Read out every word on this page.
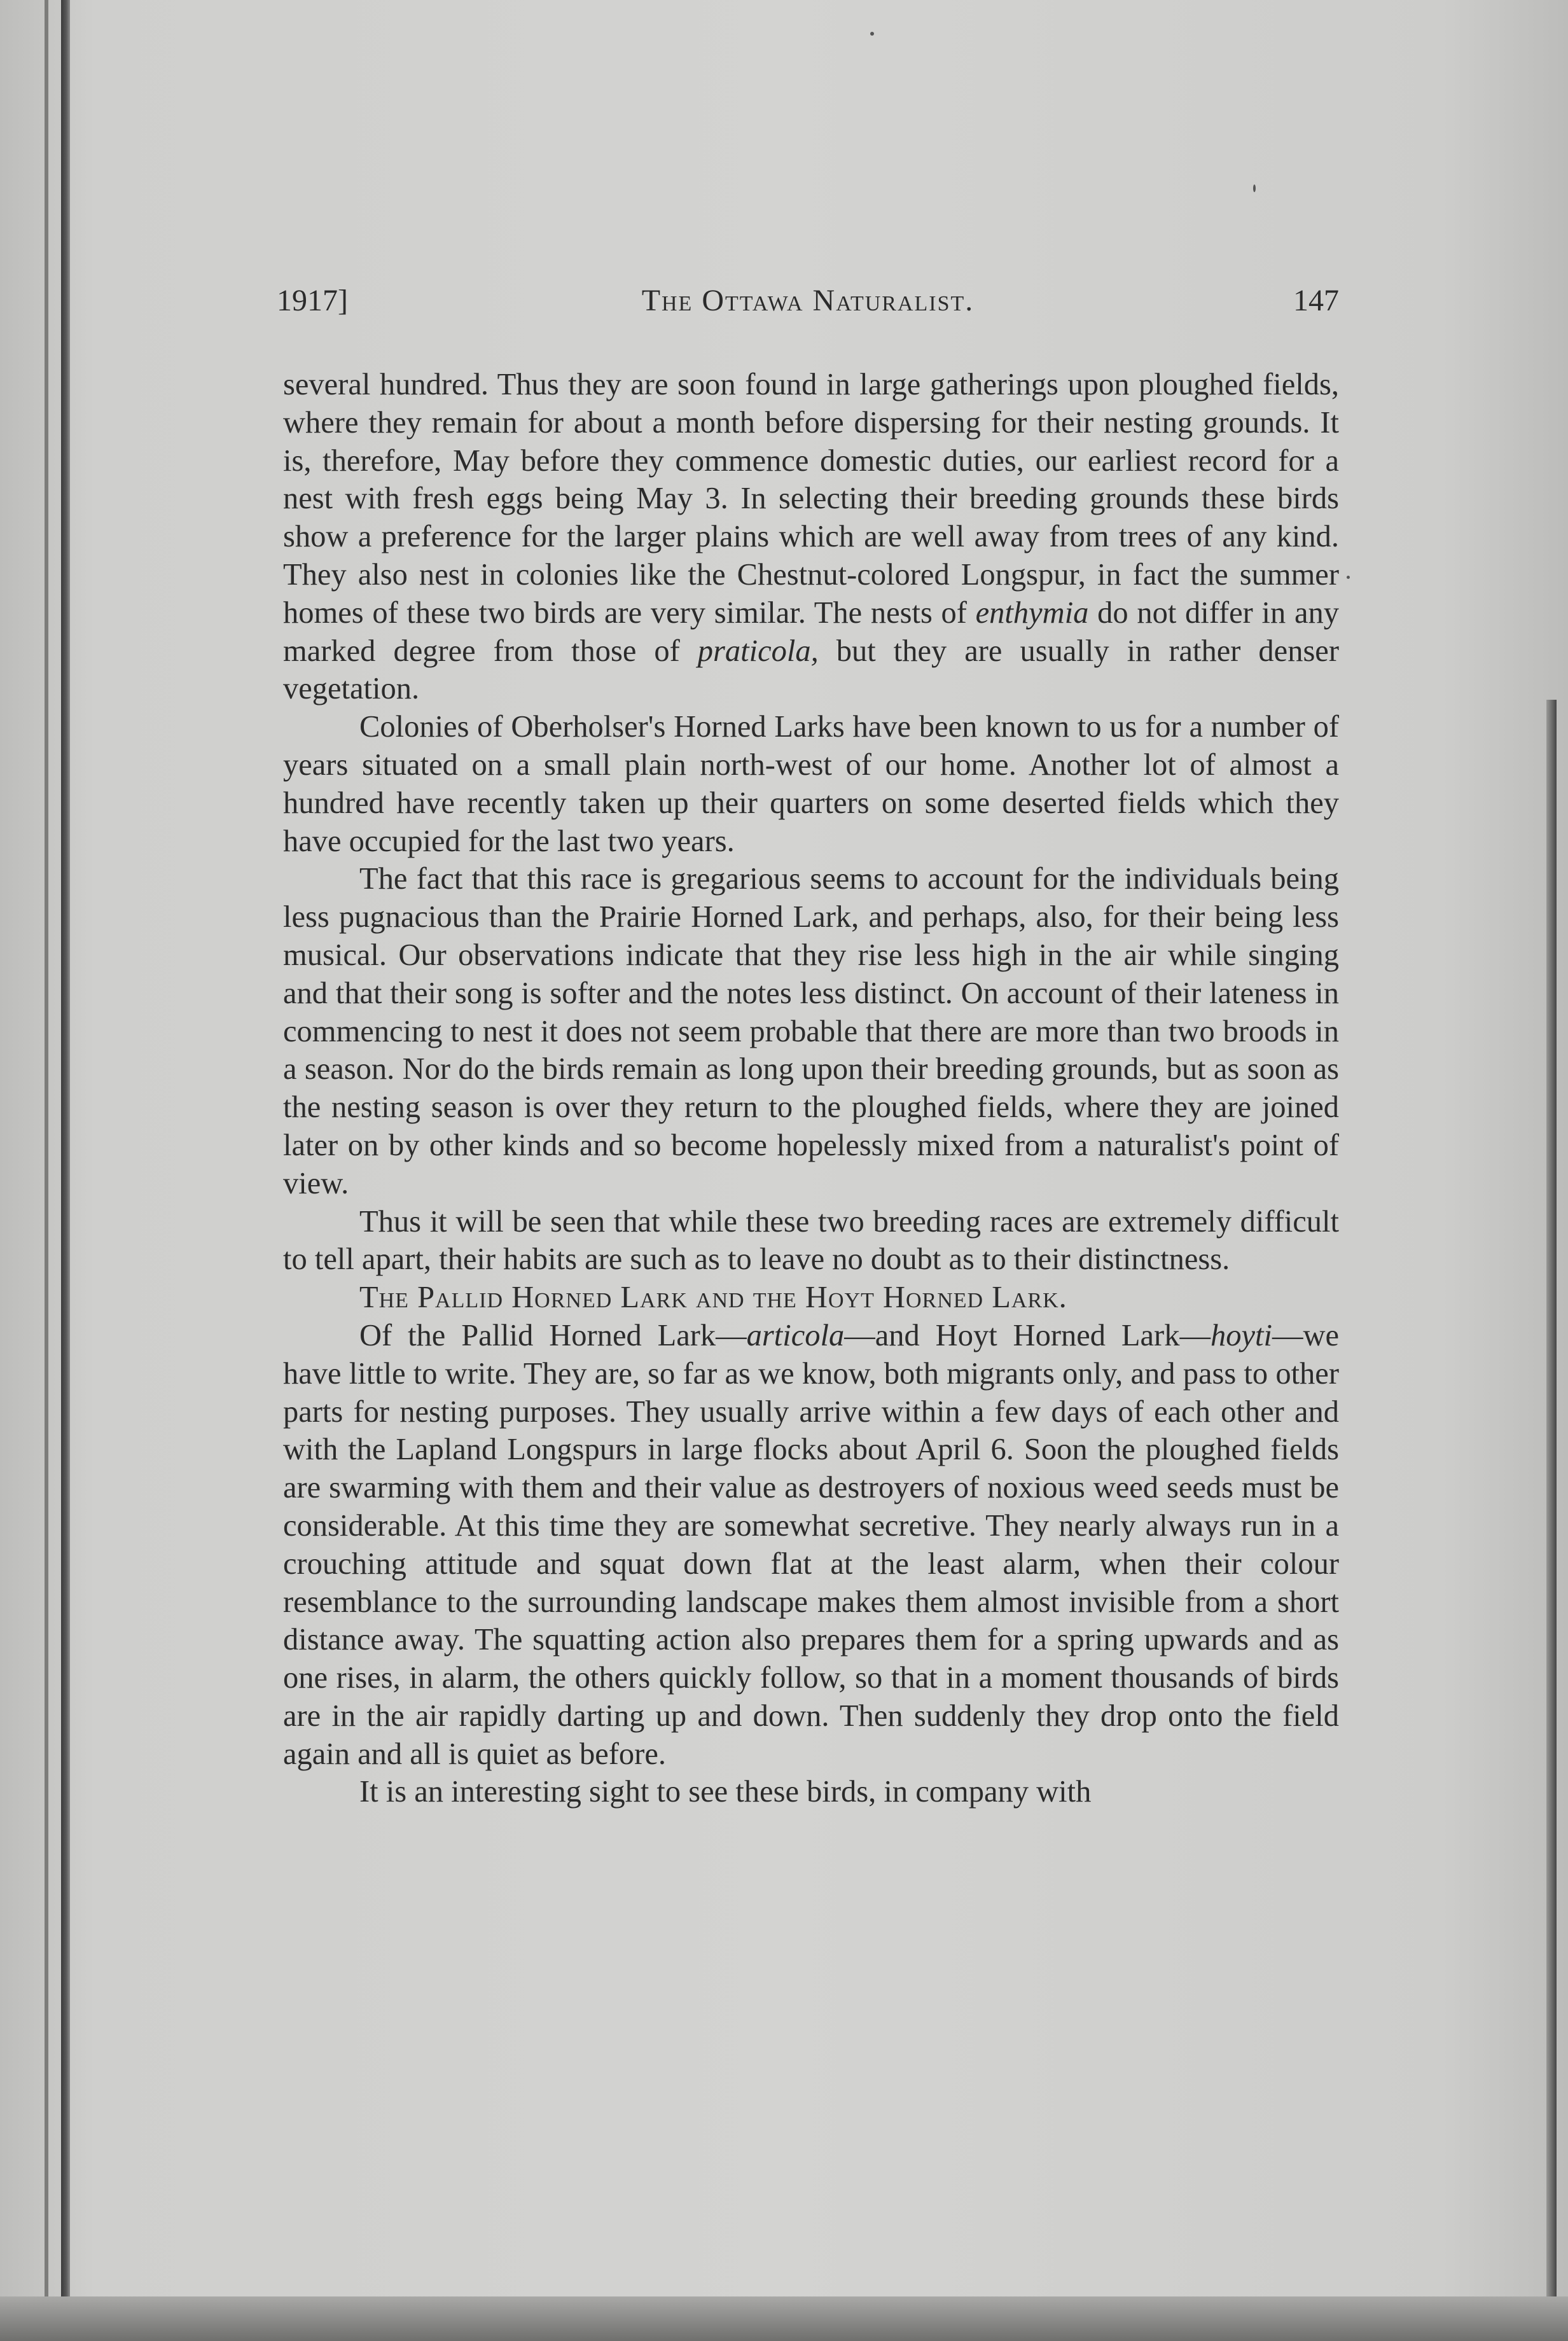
The Ottawa Naturalist.
1917]	147

several hundred. Thus they are soon found in large gatherings upon ploughed fields, where they remain for about a month before dispersing for their nesting grounds. It is, therefore, May before they commence domestic duties, our earliest record for a nest with fresh eggs being May 3. In selecting their breeding grounds these birds show a preference for the larger plains which are well away from trees of any kind. They also nest in colonies like the Chestnut-colored Longspur, in fact the summer homes of these two birds are very similar. The nests of enthymia do not differ in any marked degree from those of praticola, but they are usually in rather denser vegetation.

Colonies of Oberholser's Horned Larks have been known to us for a number of years situated on a small plain north-west of our home. Another lot of almost a hundred have recently taken up their quarters on some deserted fields which they have occupied for the last two years.

The fact that this race is gregarious seems to account for the individuals being less pugnacious than the Prairie Horned Lark, and perhaps, also, for their being less musical. Our observations indicate that they rise less high in the air while singing and that their song is softer and the notes less distinct. On account of their lateness in commencing to nest it does not seem probable that there are more than two broods in a season. Nor do the birds remain as long upon their breeding grounds, but as soon as the nesting season is over they return to the ploughed fields, where they are joined later on by other kinds and so become hopelessly mixed from a naturalist's point of view.

Thus it will be seen that while these two breeding races are extremely difficult to tell apart, their habits are such as to leave no doubt as to their distinctness.

The Pallid Horned Lark and the Hoyt Horned Lark.

Of the Pallid Horned Lark—articola—and Hoyt Horned Lark—hoyti—we have little to write. They are, so far as we know, both migrants only, and pass to other parts for nesting purposes. They usually arrive within a few days of each other and with the Lapland Longspurs in large flocks about April 6. Soon the ploughed fields are swarming with them and their value as destroyers of noxious weed seeds must be considerable. At this time they are somewhat secretive. They nearly always run in a crouching attitude and squat down flat at the least alarm, when their colour resemblance to the surrounding landscape makes them almost invisible from a short distance away. The squatting action also prepares them for a spring upwards and as one rises, in alarm, the others quickly follow, so that in a moment thousands of birds are in the air rapidly darting up and down. Then suddenly they drop onto the field again and all is quiet as before.

It is an interesting sight to see these birds, in company with
